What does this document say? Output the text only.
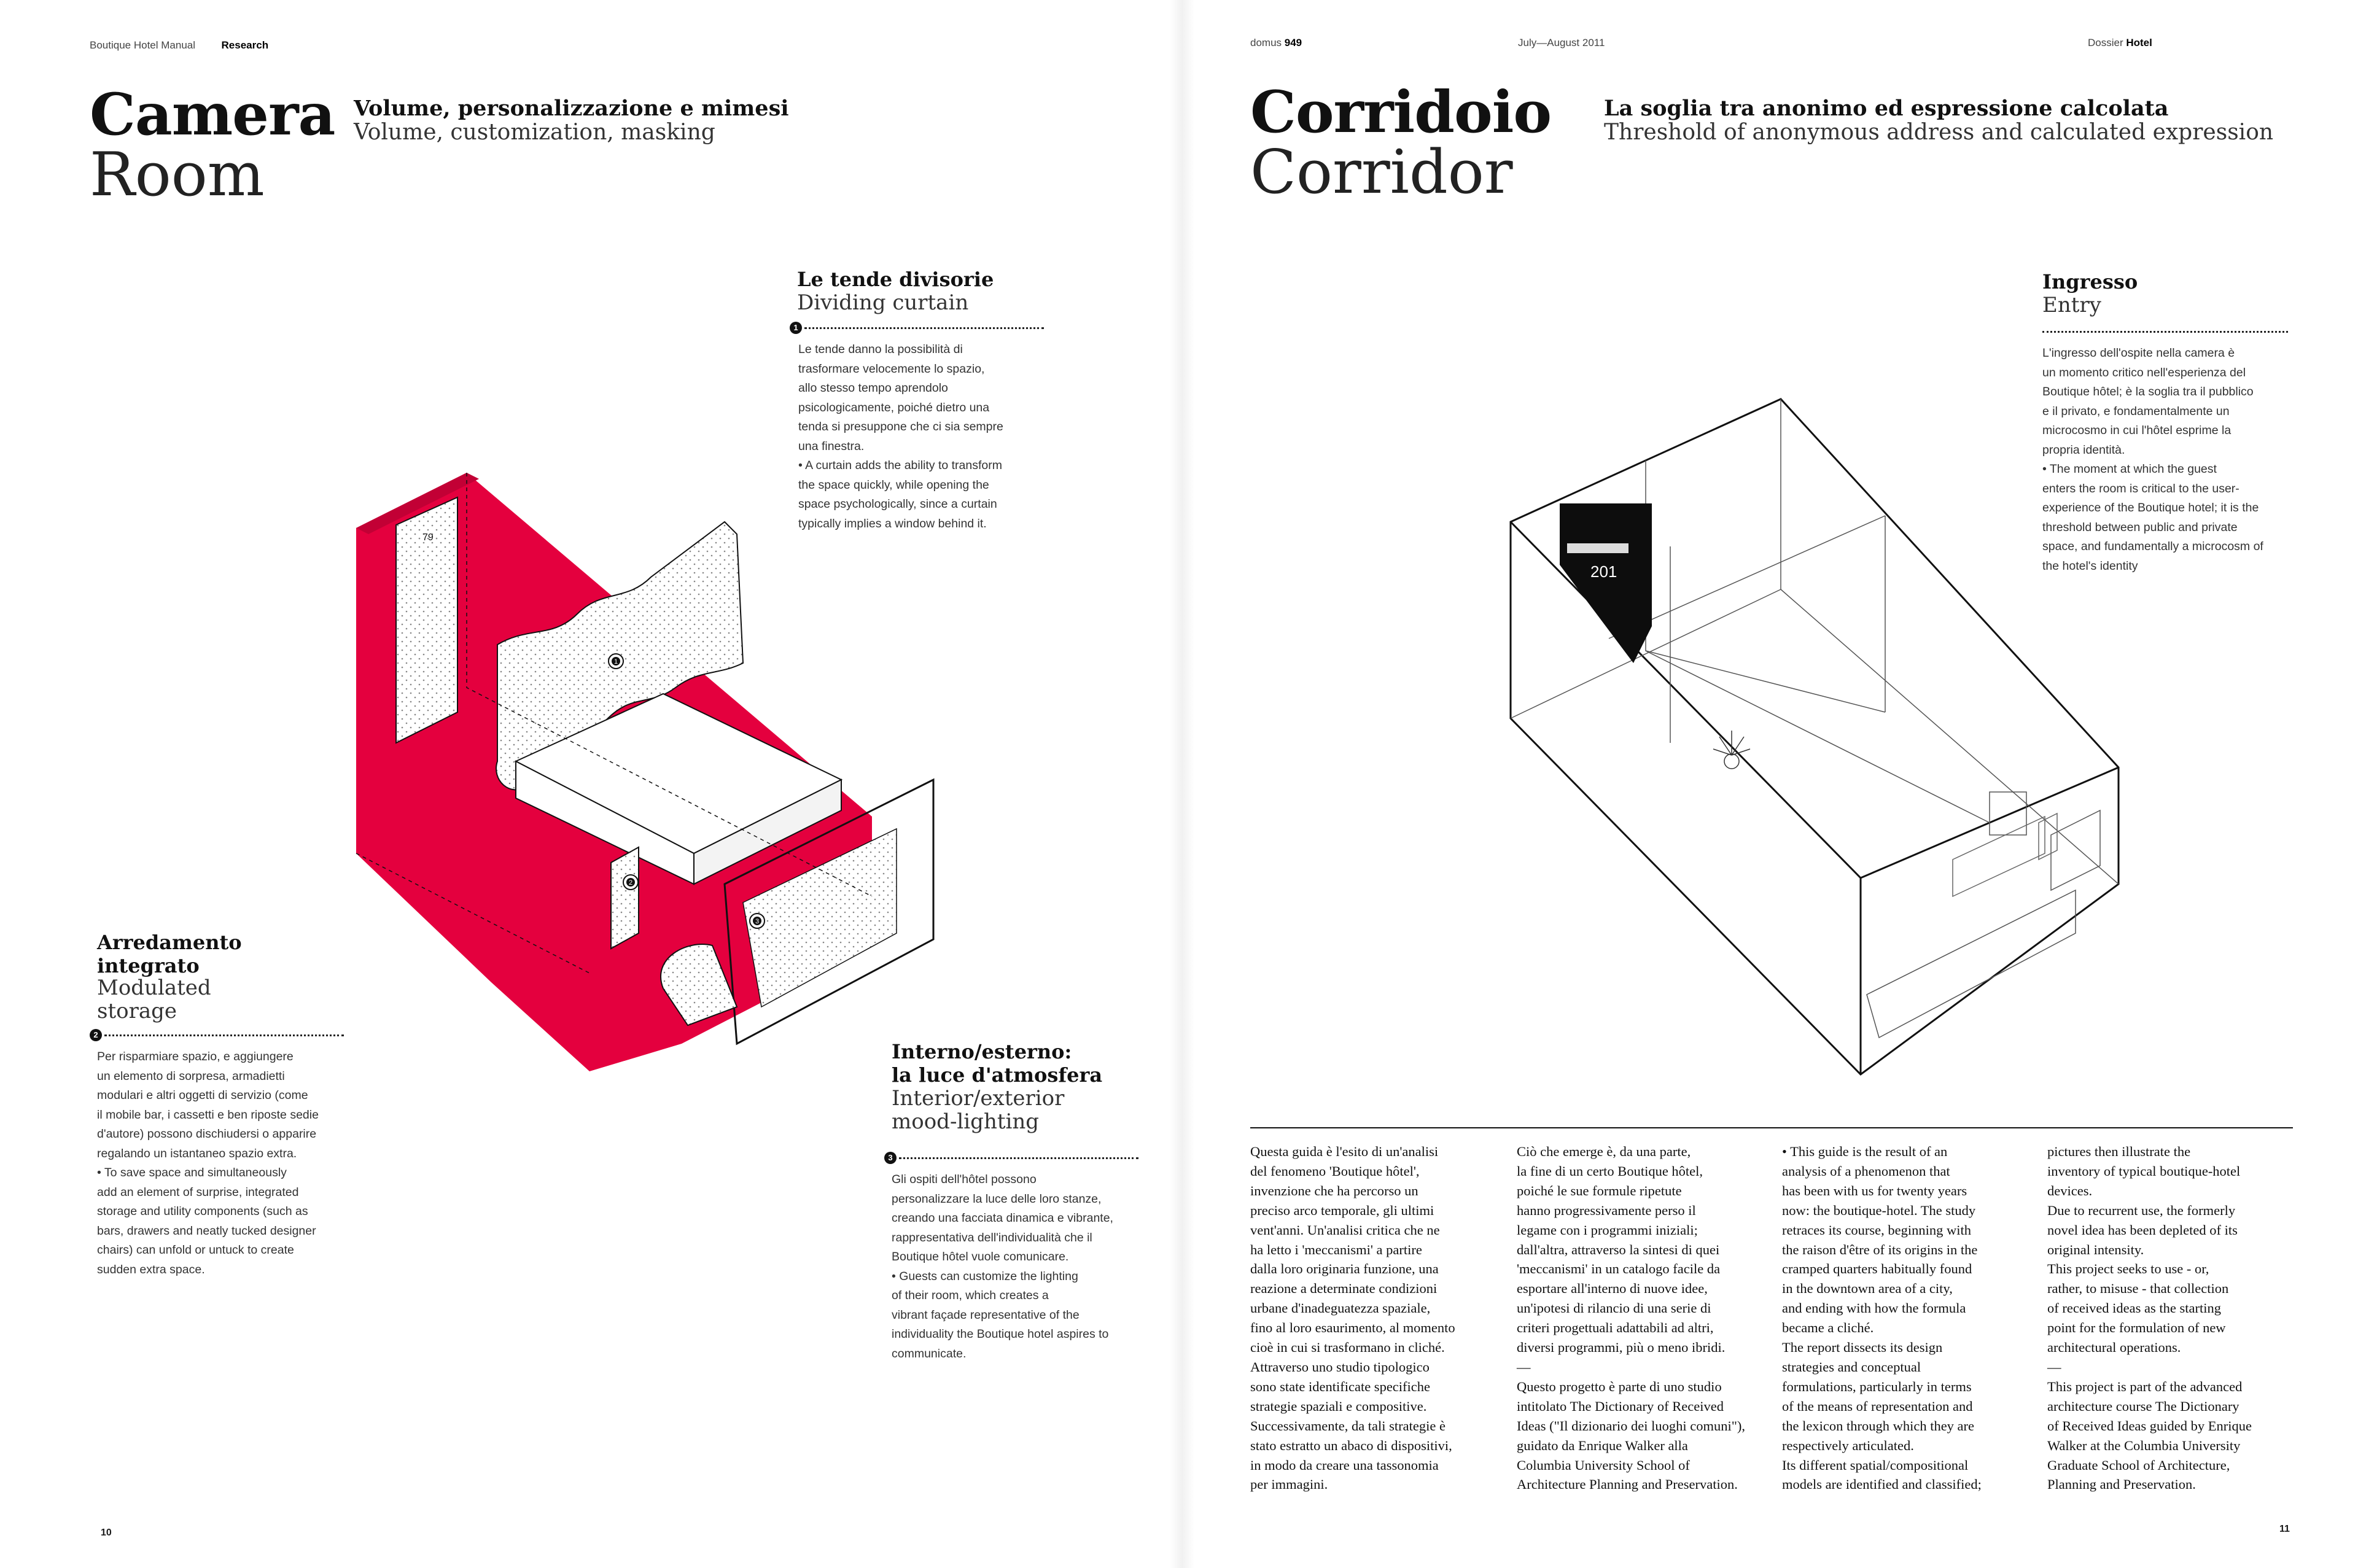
Boutique Hotel Manual	Research
Camera
Room
Volume, personalizzazione e mimesi
Volume, customization, masking
Le tende divisorie
Dividing curtain
1
Le tende danno la possibilità di
trasformare velocemente lo spazio,
allo stesso tempo aprendolo
psicologicamente, poiché dietro una
tenda si presuppone che ci sia sempre
una finestra.
• A curtain adds the ability to transform
the space quickly, while opening the
space psychologically, since a curtain
typically implies a window behind it.
Arredamento
integrato
Modulated
storage
2
Per risparmiare spazio, e aggiungere
un elemento di sorpresa, armadietti
modulari e altri oggetti di servizio (come
il mobile bar, i cassetti e ben riposte sedie
d'autore) possono dischiudersi o apparire
regalando un istantaneo spazio extra.
• To save space and simultaneously
add an element of surprise, integrated
storage and utility components (such as
bars, drawers and neatly tucked designer
chairs) can unfold or untuck to create
sudden extra space.
Interno/esterno:
la luce d'atmosfera
Interior/exterior
mood-lighting
3
Gli ospiti dell'hôtel possono
personalizzare la luce delle loro stanze,
creando una facciata dinamica e vibrante,
rappresentativa dell'individualità che il
Boutique hôtel vuole comunicare.
• Guests can customize the lighting
of their room, which creates a
vibrant façade representative of the
individuality the Boutique hotel aspires to
communicate.
79
1
2
3
10
domus 949	July—August 2011	Dossier Hotel
Corridoio
Corridor
La soglia tra anonimo ed espressione calcolata
Threshold of anonymous address and calculated expression
Ingresso
Entry
L'ingresso dell'ospite nella camera è
un momento critico nell'esperienza del
Boutique hôtel; è la soglia tra il pubblico
e il privato, e fondamentalmente un
microcosmo in cui l'hôtel esprime la
propria identità.
• The moment at which the guest
enters the room is critical to the user-
experience of the Boutique hotel; it is the
threshold between public and private
space, and fundamentally a microcosm of
the hotel's identity
201
Questa guida è l'esito di un'analisi
del fenomeno 'Boutique hôtel',
invenzione che ha percorso un
preciso arco temporale, gli ultimi
vent'anni. Un'analisi critica che ne
ha letto i 'meccanismi' a partire
dalla loro originaria funzione, una
reazione a determinate condizioni
urbane d'inadeguatezza spaziale,
fino al loro esaurimento, al momento
cioè in cui si trasformano in cliché.
Attraverso uno studio tipologico
sono state identificate specifiche
strategie spaziali e compositive.
Successivamente, da tali strategie è
stato estratto un abaco di dispositivi,
in modo da creare una tassonomia
per immagini.
Ciò che emerge è, da una parte,
la fine di un certo Boutique hôtel,
poiché le sue formule ripetute
hanno progressivamente perso il
legame con i programmi iniziali;
dall'altra, attraverso la sintesi di quei
'meccanismi' in un catalogo facile da
esportare all'interno di nuove idee,
un'ipotesi di rilancio di una serie di
criteri progettuali adattabili ad altri,
diversi programmi, più o meno ibridi.
—
Questo progetto è parte di uno studio
intitolato The Dictionary of Received
Ideas ("Il dizionario dei luoghi comuni"),
guidato da Enrique Walker alla
Columbia University School of
Architecture Planning and Preservation.
• This guide is the result of an
analysis of a phenomenon that
has been with us for twenty years
now: the boutique-hotel. The study
retraces its course, beginning with
the raison d'être of its origins in the
cramped quarters habitually found
in the downtown area of a city,
and ending with how the formula
became a cliché.
The report dissects its design
strategies and conceptual
formulations, particularly in terms
of the means of representation and
the lexicon through which they are
respectively articulated.
Its different spatial/compositional
models are identified and classified;
pictures then illustrate the
inventory of typical boutique-hotel
devices.
Due to recurrent use, the formerly
novel idea has been depleted of its
original intensity.
This project seeks to use - or,
rather, to misuse - that collection
of received ideas as the starting
point for the formulation of new
architectural operations.
—
This project is part of the advanced
architecture course The Dictionary
of Received Ideas guided by Enrique
Walker at the Columbia University
Graduate School of Architecture,
Planning and Preservation.
11
